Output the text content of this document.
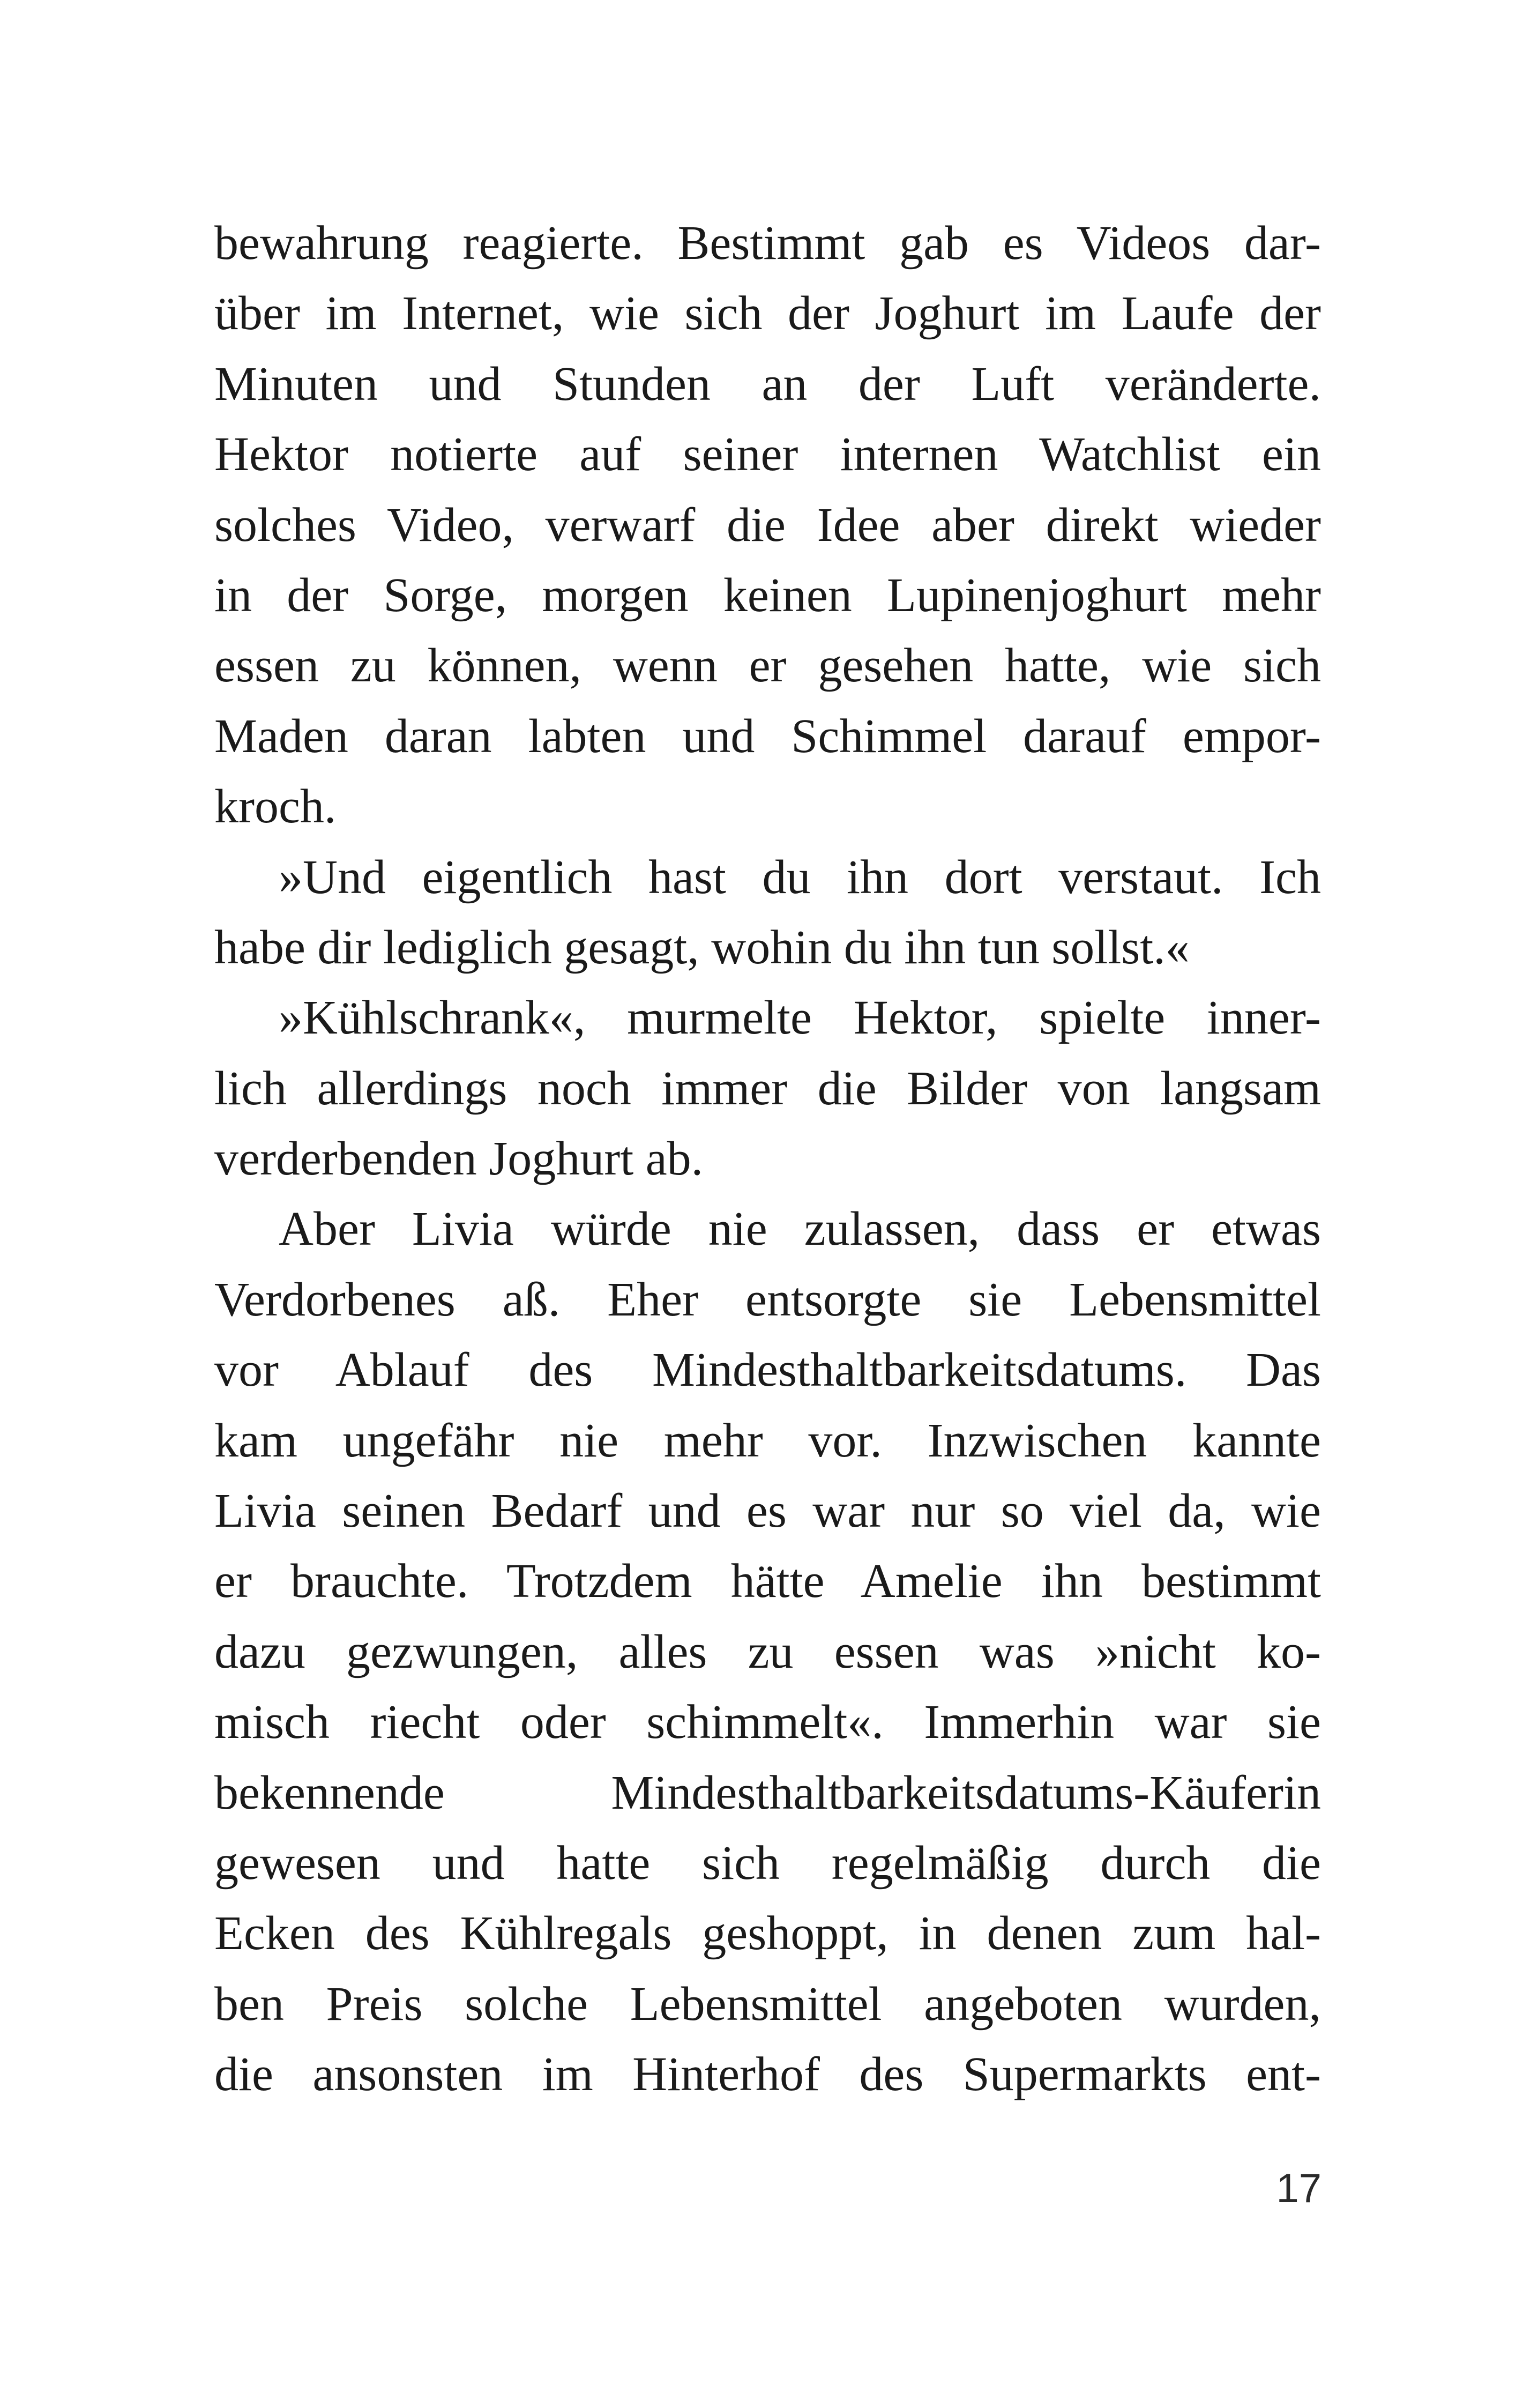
bewahrung reagierte. Bestimmt gab es Videos dar-
über im Internet, wie sich der Joghurt im Laufe der
Minuten und Stunden an der Luft veränderte.
Hektor notierte auf seiner internen Watchlist ein
solches Video, verwarf die Idee aber direkt wieder
in der Sorge, morgen keinen Lupinenjoghurt mehr
essen zu können, wenn er gesehen hatte, wie sich
Maden daran labten und Schimmel darauf empor-
kroch.
»Und eigentlich hast du ihn dort verstaut. Ich
habe dir lediglich gesagt, wohin du ihn tun sollst.«
»Kühlschrank«, murmelte Hektor, spielte inner-
lich allerdings noch immer die Bilder von langsam
verderbenden Joghurt ab.
Aber Livia würde nie zulassen, dass er etwas
Verdorbenes aß. Eher entsorgte sie Lebensmittel
vor Ablauf des Mindesthaltbarkeitsdatums. Das
kam ungefähr nie mehr vor. Inzwischen kannte
Livia seinen Bedarf und es war nur so viel da, wie
er brauchte. Trotzdem hätte Amelie ihn bestimmt
dazu gezwungen, alles zu essen was »nicht ko-
misch riecht oder schimmelt«. Immerhin war sie
bekennende Mindesthaltbarkeitsdatums-Käuferin
gewesen und hatte sich regelmäßig durch die
Ecken des Kühlregals geshoppt, in denen zum hal-
ben Preis solche Lebensmittel angeboten wurden,
die ansonsten im Hinterhof des Supermarkts ent-
17
